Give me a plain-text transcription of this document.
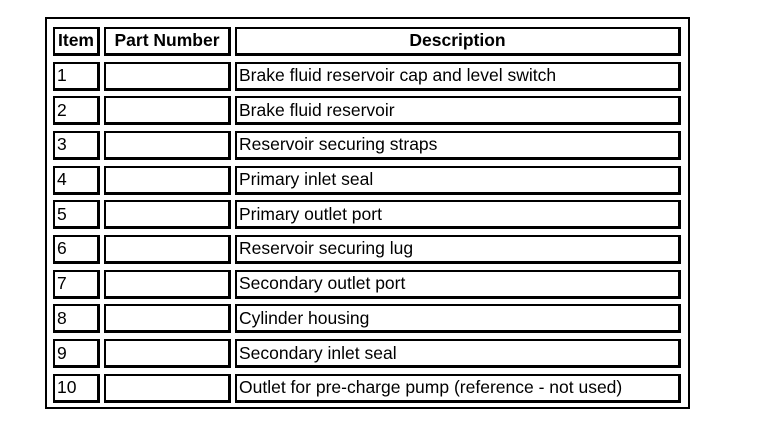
Item	Part Number	Description

1		Brake fluid reservoir cap and level switch

2		Brake fluid reservoir

3		Reservoir securing straps

4		Primary inlet seal

5		Primary outlet port

6		Reservoir securing lug

7		Secondary outlet port

8		Cylinder housing

9		Secondary inlet seal

10		Outlet for pre-charge pump (reference - not used)
